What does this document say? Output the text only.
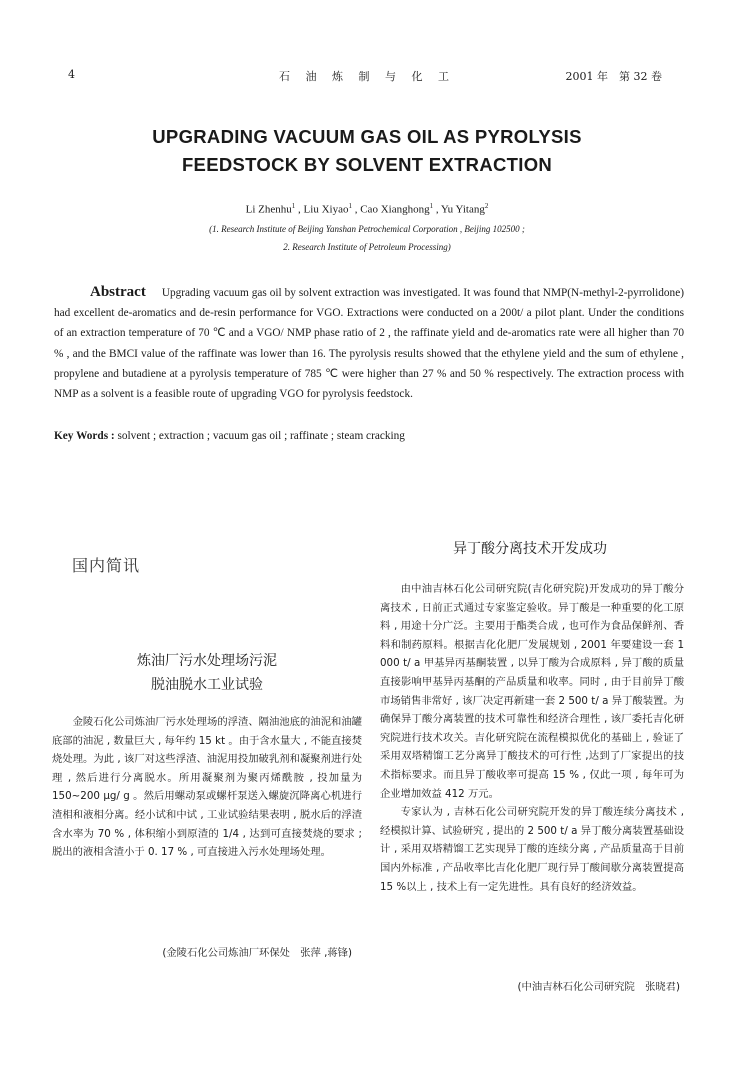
4	石 油 炼 制 与 化 工	2001 年　第 32 卷
UPGRADING VACUUM GAS OIL AS PYROLYSIS
FEEDSTOCK BY SOLVENT EXTRACTION
Li Zhenhu$^1$ , Liu Xiyao$^1$ , Cao Xianghong$^1$ , Yu Yitang$^2$
(1. Research Institute of Beijing Yanshan Petrochemical Corporation , Beijing 102500 ;
2. Research Institute of Petroleum Processing)
Abstract Upgrading vacuum gas oil by solvent extraction was investigated. It was found that NMP(N-methyl-2-pyrrolidone) had excellent de-aromatics and de-resin performance for VGO. Extractions were conducted on a 200t/ a pilot plant. Under the conditions of an extraction temperature of 70 ℃ and a VGO/ NMP phase ratio of 2 , the raffinate yield and de-aromatics rate were all higher than 70 % , and the BMCI value of the raffinate was lower than 16. The pyrolysis results showed that the ethylene yield and the sum of ethylene , propylene and butadiene at a pyrolysis temperature of 785 ℃ were higher than 27 % and 50 % respectively. The extraction process with NMP as a solvent is a feasible route of upgrading VGO for pyrolysis feedstock.
Key Words : solvent ; extraction ; vacuum gas oil ; raffinate ; steam cracking
国内简讯
炼油厂污水处理场污泥
脱油脱水工业试验

金陵石化公司炼油厂污水处理场的浮渣、隔油池底的油泥和油罐底部的油泥 , 数量巨大 , 每年约 15 kt 。由于含水量大 , 不能直接焚烧处理。为此 , 该厂对这些浮渣、油泥用投加破乳剂和凝聚剂进行处理 , 然后进行分离脱水。所用凝聚剂为聚丙烯酰胺 , 投加量为 150~200 μg/ g 。然后用螺动泵或螺杆泵送入螺旋沉降离心机进行渣相和液相分离。经小试和中试 , 工业试验结果表明 , 脱水后的浮渣含水率为 70 % , 体积缩小到原渣的 1/4 , 达到可直接焚烧的要求 ; 脱出的液相含渣小于 0. 17 % , 可直接进入污水处理场处理。

(金陵石化公司炼油厂环保处　张萍 ,蒋锋)
异丁酸分离技术开发成功

由中油吉林石化公司研究院(吉化研究院)开发成功的异丁酸分离技术 , 日前正式通过专家鉴定验收。异丁酸是一种重要的化工原料 , 用途十分广泛。主要用于酯类合成 , 也可作为食品保鲜剂、香料和制药原料。根据吉化化肥厂发展规划 , 2001 年要建设一套 1 000 t/ a 甲基异丙基酮装置 , 以异丁酸为合成原料 , 异丁酸的质量直接影响甲基异丙基酮的产品质量和收率。同时 , 由于目前异丁酸市场销售非常好 , 该厂决定再新建一套 2 500 t/ a 异丁酸装置。为确保异丁酸分离装置的技术可靠性和经济合理性 , 该厂委托吉化研究院进行技术攻关。吉化研究院在流程模拟优化的基础上 , 验证了采用双塔精馏工艺分离异丁酸技术的可行性 ,达到了厂家提出的技术指标要求。而且异丁酸收率可提高 15 % , 仅此一项 , 每年可为企业增加效益 412 万元。

专家认为 , 吉林石化公司研究院开发的异丁酸连续分离技术 , 经模拟计算、试验研究 , 提出的 2 500 t/ a 异丁酸分离装置基础设计 , 采用双塔精馏工艺实现异丁酸的连续分离 , 产品质量高于目前国内外标准 , 产品收率比吉化化肥厂现行异丁酸间歇分离装置提高 15 %以上 , 技术上有一定先进性。具有良好的经济效益。

(中油吉林石化公司研究院　张晓君)
